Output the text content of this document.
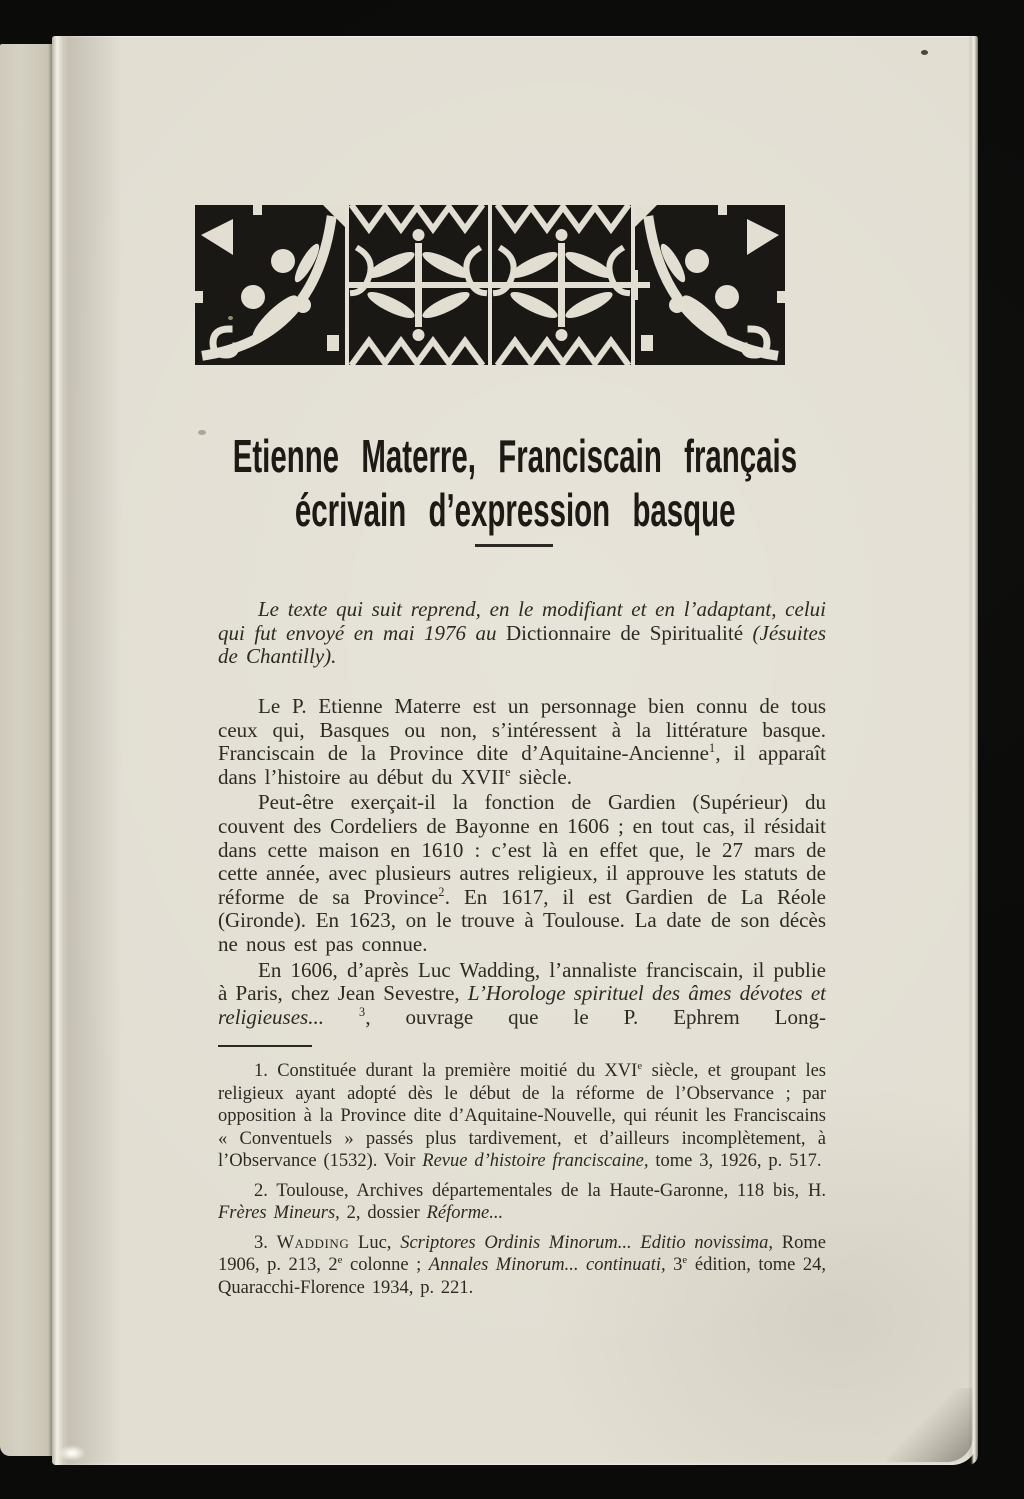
Etienne Materre, Franciscain français
écrivain d’expression basque
Le texte qui suit reprend, en le modifiant et en l’adaptant, celui qui fut envoyé en mai 1976 au Dictionnaire de Spiritualité (Jésuites de Chantilly).

Le P. Etienne Materre est un personnage bien connu de tous ceux qui, Basques ou non, s’intéressent à la littérature basque. Franciscain de la Province dite d’Aquitaine-Ancienne$^1$, il apparaît dans l’histoire au début du XVIIe siècle.

Peut-être exerçait-il la fonction de Gardien (Supérieur) du couvent des Cordeliers de Bayonne en 1606 ; en tout cas, il résidait dans cette maison en 1610 : c’est là en effet que, le 27 mars de cette année, avec plusieurs autres religieux, il approuve les statuts de réforme de sa Province$^2$. En 1617, il est Gardien de La Réole (Gironde). En 1623, on le trouve à Toulouse. La date de son décès ne nous est pas connue.

En 1606, d’après Luc Wadding, l’annaliste franciscain, il publie à Paris, chez Jean Sevestre, L’Horologe spirituel des âmes dévotes et religieuses...	$^3$, ouvrage que le P. Ephrem Long-

1. Constituée durant la première moitié du XVIe siècle, et groupant les religieux ayant adopté dès le début de la réforme de l’Observance ; par opposition à la Province dite d’Aquitaine-Nouvelle, qui réunit les Franciscains « Conventuels » passés plus tardivement, et d’ailleurs incomplètement, à l’Observance (1532). Voir Revue d’histoire franciscaine, tome 3, 1926, p. 517.

2. Toulouse, Archives départementales de la Haute-Garonne, 118 bis, H. Frères Mineurs, 2, dossier Réforme...

3. Wadding Luc, Scriptores Ordinis Minorum... Editio novissima, Rome 1906, p. 213, 2e colonne ; Annales Minorum... continuati, 3e édition, tome 24, Quaracchi-Florence 1934, p. 221.
